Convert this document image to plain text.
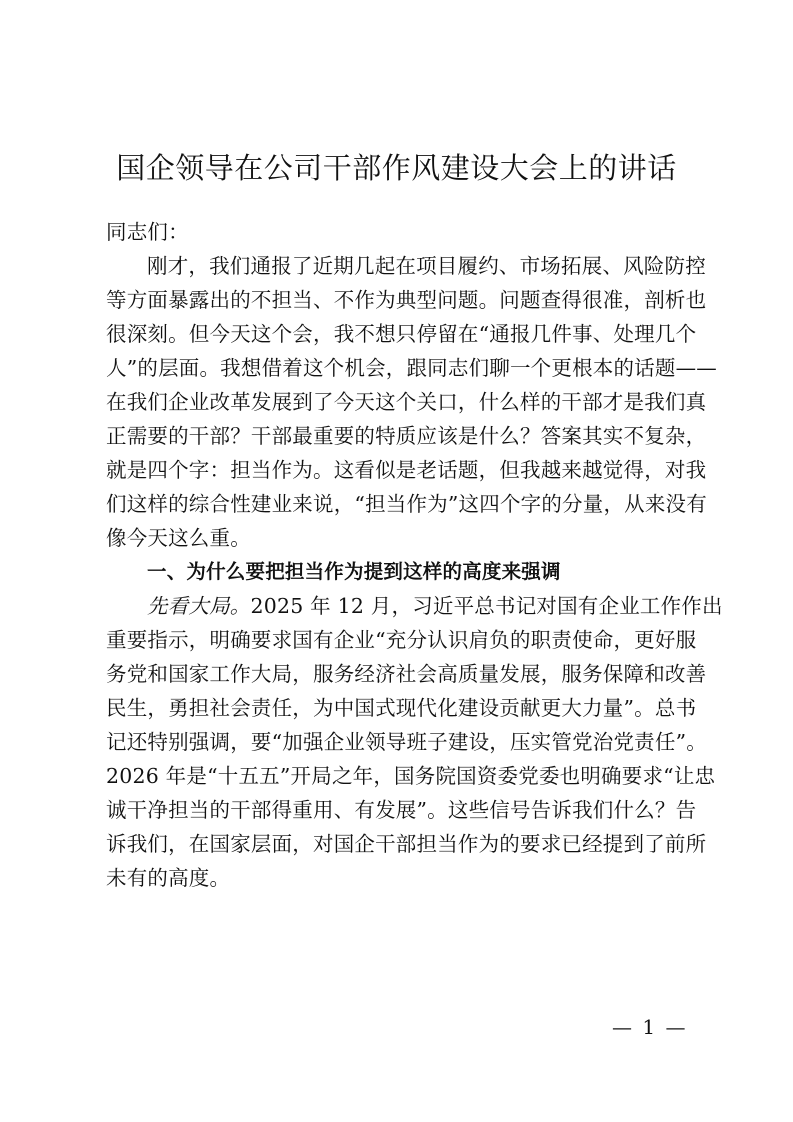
国企领导在公司干部作风建设大会上的讲话
同志们：
刚才，我们通报了近期几起在项目履约、市场拓展、风险防控
等方面暴露出的不担当、不作为典型问题。问题查得很准，剖析也
很深刻。但今天这个会，我不想只停留在“通报几件事、处理几个
人”的层面。我想借着这个机会，跟同志们聊一个更根本的话题——
在我们企业改革发展到了今天这个关口，什么样的干部才是我们真
正需要的干部？干部最重要的特质应该是什么？答案其实不复杂，
就是四个字：担当作为。这看似是老话题，但我越来越觉得，对我
们这样的综合性建业来说，“担当作为”这四个字的分量，从来没有
像今天这么重。
一、为什么要把担当作为提到这样的高度来强调
先看大局。2025 年 12 月，习近平总书记对国有企业工作作出
重要指示，明确要求国有企业“充分认识肩负的职责使命，更好服
务党和国家工作大局，服务经济社会高质量发展，服务保障和改善
民生，勇担社会责任，为中国式现代化建设贡献更大力量”。总书
记还特别强调，要“加强企业领导班子建设，压实管党治党责任”。
2026 年是“十五五”开局之年，国务院国资委党委也明确要求“让忠
诚干净担当的干部得重用、有发展”。这些信号告诉我们什么？告
诉我们，在国家层面，对国企干部担当作为的要求已经提到了前所
未有的高度。
— 1 —
